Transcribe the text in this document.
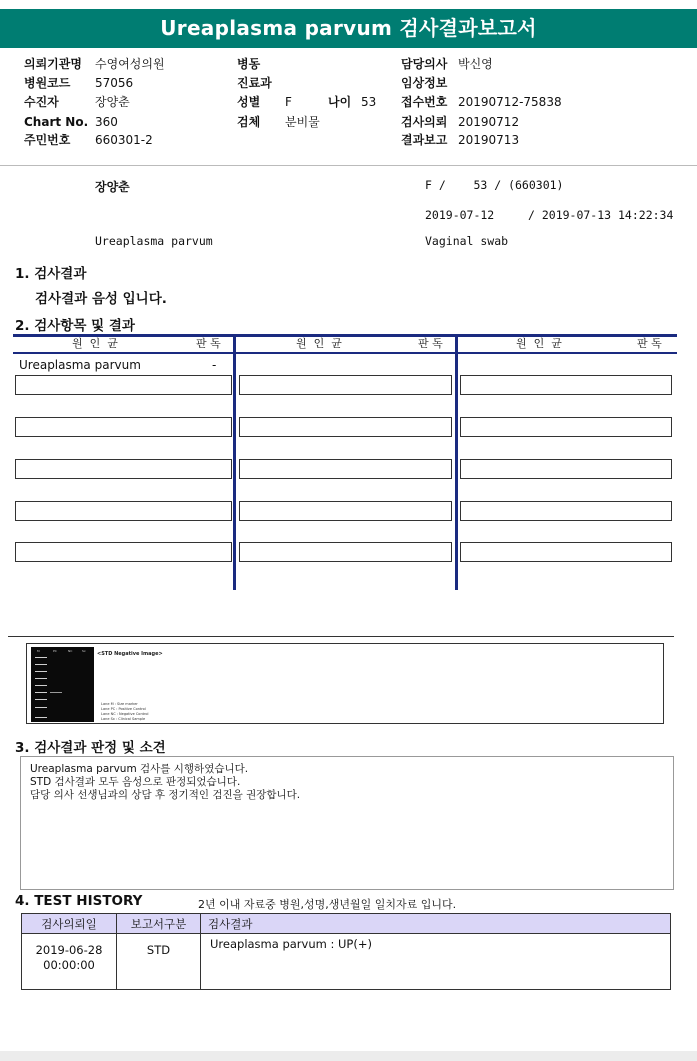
Ureaplasma parvum 검사결과보고서
의뢰기관명 수영여성의원
병원코드 57056
수진자	장양춘
Chart No. 360
주민번호 660301-2
병동
진료과
성별 F	나이 53
검체 분비물
담당의사 박신영
임상정보
접수번호 20190712-75838
검사의뢰 20190712
결과보고 20190713
장양춘	F /    53 / (660301)
2019-07-12	/ 2019-07-13 14:22:34
Ureaplasma parvum	Vaginal swab
1. 검사결과
검사결과 음성 입니다.
2. 검사항목 및 결과
원  인  균	판 독	원  인  균	판 독	원  인  균	판 독
Ureaplasma parvum	-
M	PC	NC	Sx <STD Negative Image>
Lane M : Size marker
Lane PC : Positive Control
Lane NC : Negative Control
Lane Sx : Clinical Sample
3. 검사결과 판정 및 소견
Ureaplasma parvum 검사를 시행하였습니다.
STD 검사결과 모두 음성으로 판정되었습니다.
담당 의사 선생님과의 상담 후 정기적인 검진을 권장합니다.
4. TEST HISTORY	2년 이내 자료중 병원,성명,생년월일 일치자료 입니다.
검사의뢰일	보고서구분	검사결과
2019-06-28
00:00:00
STD	Ureaplasma parvum : UP(+)
